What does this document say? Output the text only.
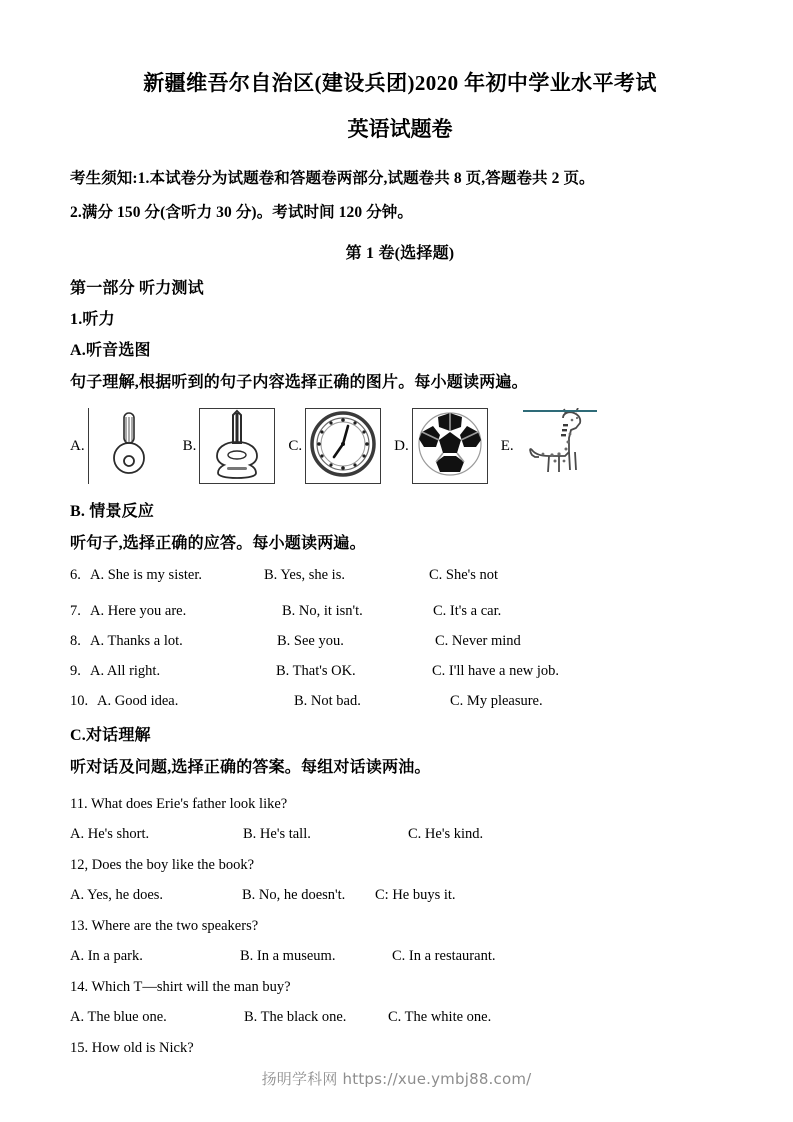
新疆维吾尔自治区(建设兵团)2020 年初中学业水平考试
英语试题卷

考生须知:1.本试卷分为试题卷和答题卷两部分,试题卷共 8 页,答题卷共 2 页。

2.满分 150 分(含听力 30 分)。考试时间 120 分钟。

第 1 卷(选择题)

第一部分 听力测试

1.听力

A.听音选图

句子理解,根据听到的句子内容选择正确的图片。每小题读两遍。

A.	B.	C.	D.	E.

B. 情景反应

听句子,选择正确的应答。每小题读两遍。

6. A. She is my sister.	B. Yes, she is.	C. She's not
7. A. Here you are.	B. No, it isn't.	C. It's a car.
8. A. Thanks a lot.	B. See you.	C. Never mind
9. A. All right.	B. That's OK.	C. I'll have a new job.
10. A. Good idea.	B. Not bad.	C. My pleasure.

C.对话理解

听对话及问题,选择正确的答案。每组对话读两油。

11. What does Erie's father look like?

A. He's short.	B. He's tall.	C. He's kind.

12, Does the boy like the book?

A. Yes, he does.	B. No, he doesn't. C: He buys it.

13. Where are the two speakers?

A. In a park.	B. In a museum.	C. In a restaurant.

14. Which T—shirt will the man buy?

A. The blue one.	B. The black one.	C. The white one.

15. How old is Nick?

扬明学科网 https://xue.ymbj88.com/
